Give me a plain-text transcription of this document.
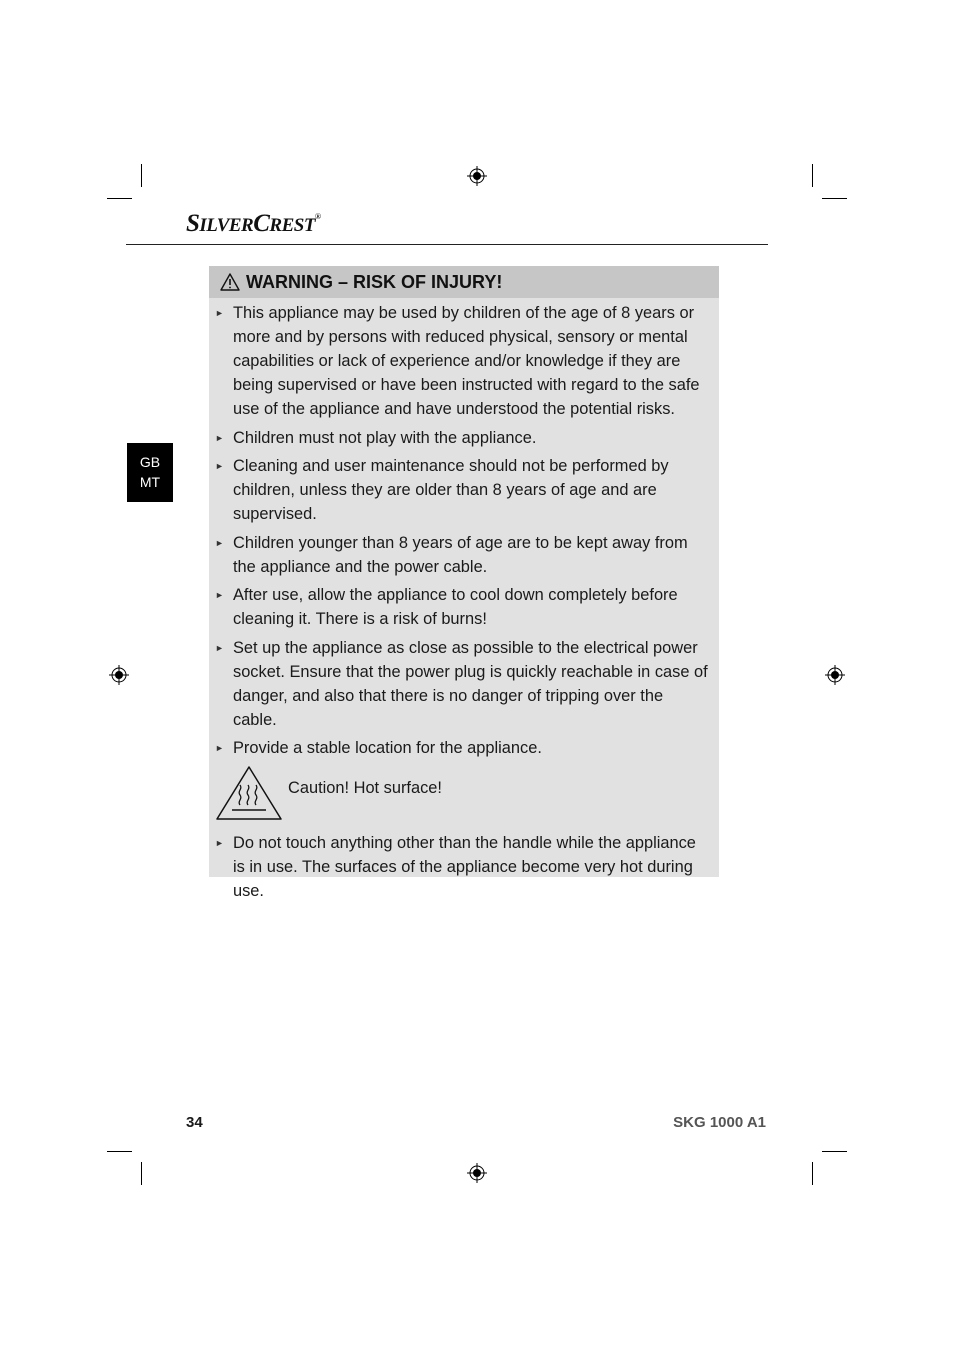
SILVERCREST®
GB
MT
WARNING – RISK OF INJURY!
► This appliance may be used by children of the age of 8 years or more and by persons with reduced physical, sensory or mental capabilities or lack of experience and/or knowledge if they are being supervised or have been instructed with regard to the safe use of the appliance and have understood the potential risks.
► Children must not play with the appliance.
► Cleaning and user maintenance should not be performed by children, unless they are older than 8 years of age and are supervised.
► Children younger than 8 years of age are to be kept away from the appliance and the power cable.
► After use, allow the appliance to cool down completely before cleaning it. There is a risk of burns!
► Set up the appliance as close as possible to the electrical power socket. Ensure that the power plug is quickly reachable in case of danger, and also that there is no danger of tripping over the cable.
► Provide a stable location for the appliance.
Caution! Hot surface!
► Do not touch anything other than the handle while the appliance is in use. The surfaces of the appliance become very hot during use.
34	SKG 1000 A1
